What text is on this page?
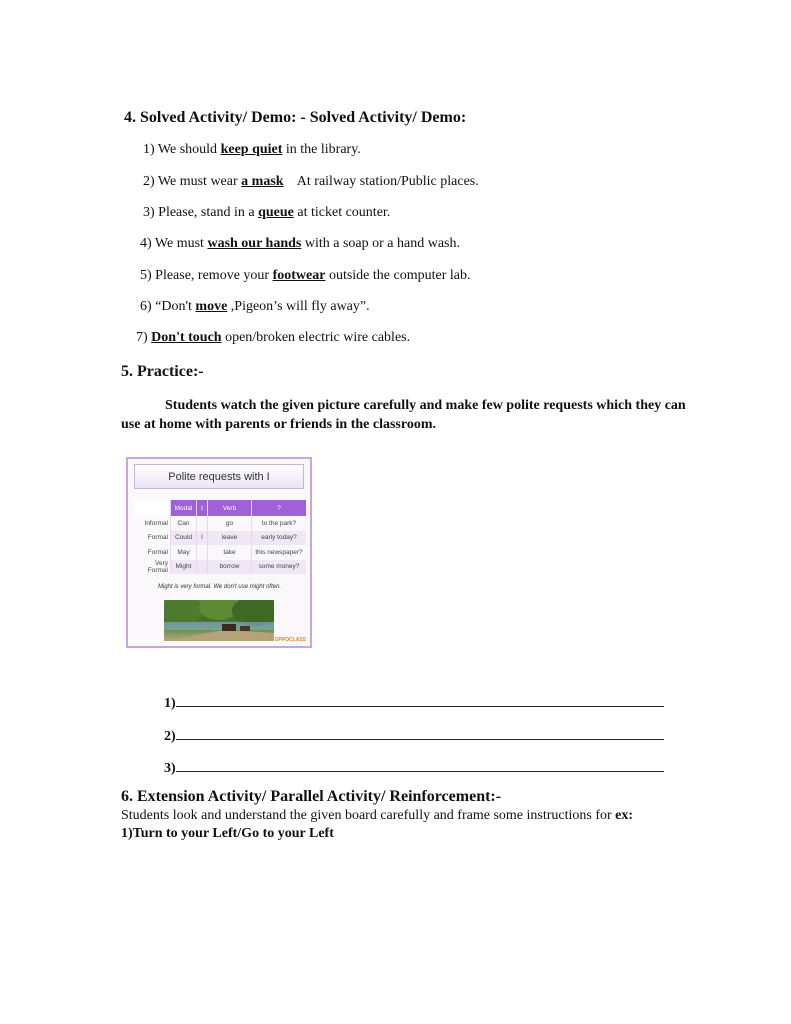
4. Solved Activity/ Demo: - Solved Activity/ Demo:
1) We should keep quiet in the library.
2) We must wear a mask    At railway station/Public places.
3) Please, stand in a queue at ticket counter.
4) We must wash our hands with a soap or a hand wash.
5) Please, remove your footwear outside the computer lab.
6) “Don't move ,Pigeon’s will fly away”.
7) Don't touch open/broken electric wire cables.
5. Practice:-
Students watch the given picture carefully and make few polite requests which they can use at home with parents or friends in the classroom.
Polite requests with I
	Modal	I	Verb	?
Informal	Can		go	to the park?
Formal	Could	I	leave	early today?
Formal	May		take	this newspaper?
Very Formal	Might		borrow	some money?
Might is very formal. We don't use might often.
OPPOCLASS
1)
2)
3)
6. Extension Activity/ Parallel Activity/ Reinforcement:-
Students look and understand the given board carefully and frame some instructions for ex:
1)Turn to your Left/Go to your Left
